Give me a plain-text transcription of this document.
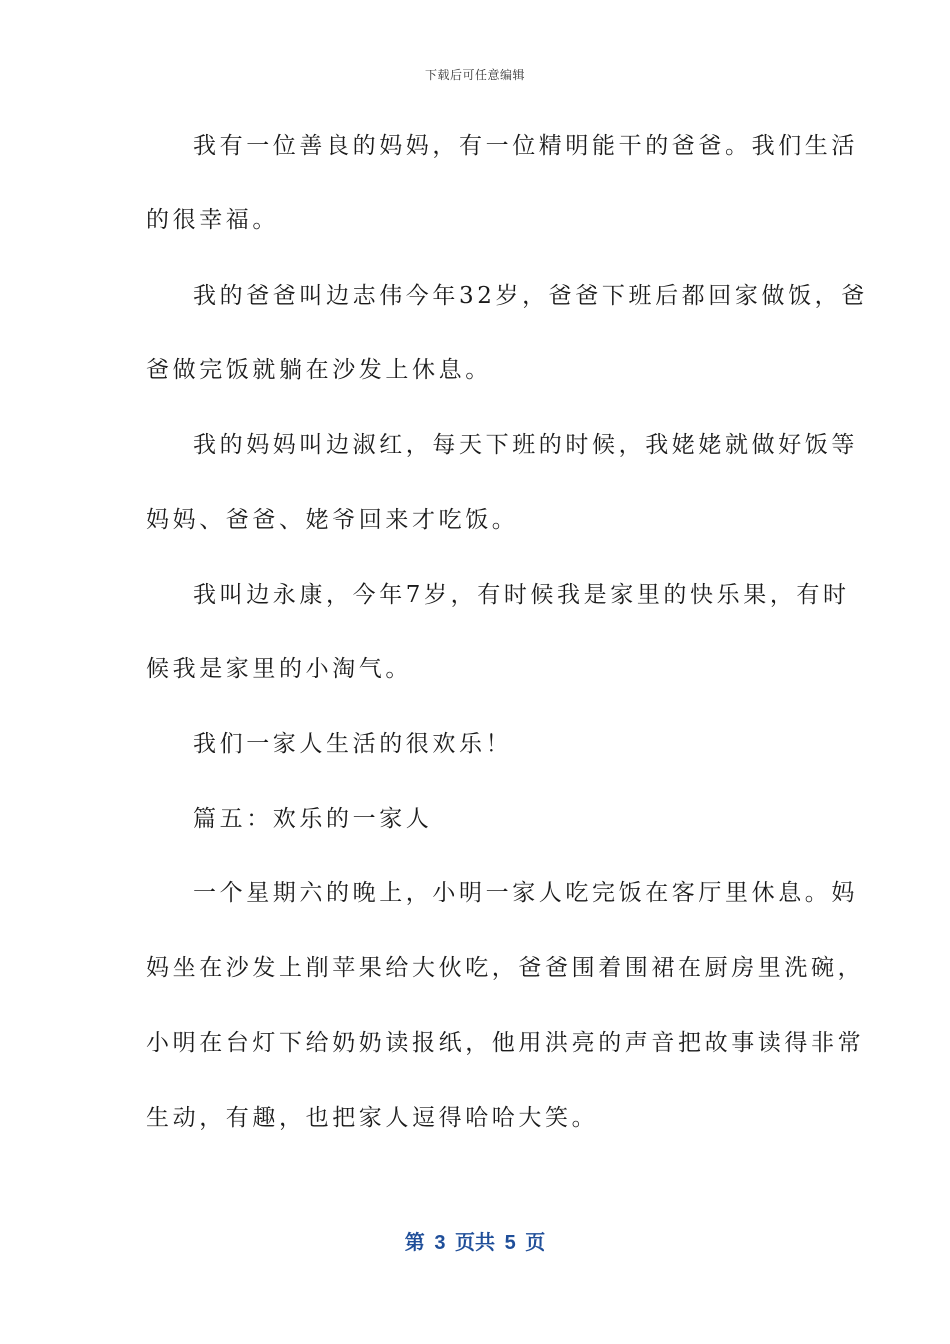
下载后可任意编辑
我有一位善良的妈妈，有一位精明能干的爸爸。我们生活
的很幸福。
我的爸爸叫边志伟今年32岁，爸爸下班后都回家做饭，爸
爸做完饭就躺在沙发上休息。
我的妈妈叫边淑红，每天下班的时候，我姥姥就做好饭等
妈妈、爸爸、姥爷回来才吃饭。
我叫边永康，今年7岁，有时候我是家里的快乐果，有时
候我是家里的小淘气。
我们一家人生活的很欢乐！
篇五：欢乐的一家人
一个星期六的晚上，小明一家人吃完饭在客厅里休息。妈
妈坐在沙发上削苹果给大伙吃，爸爸围着围裙在厨房里洗碗，
小明在台灯下给奶奶读报纸，他用洪亮的声音把故事读得非常
生动，有趣，也把家人逗得哈哈大笑。
第 3 页共 5 页
